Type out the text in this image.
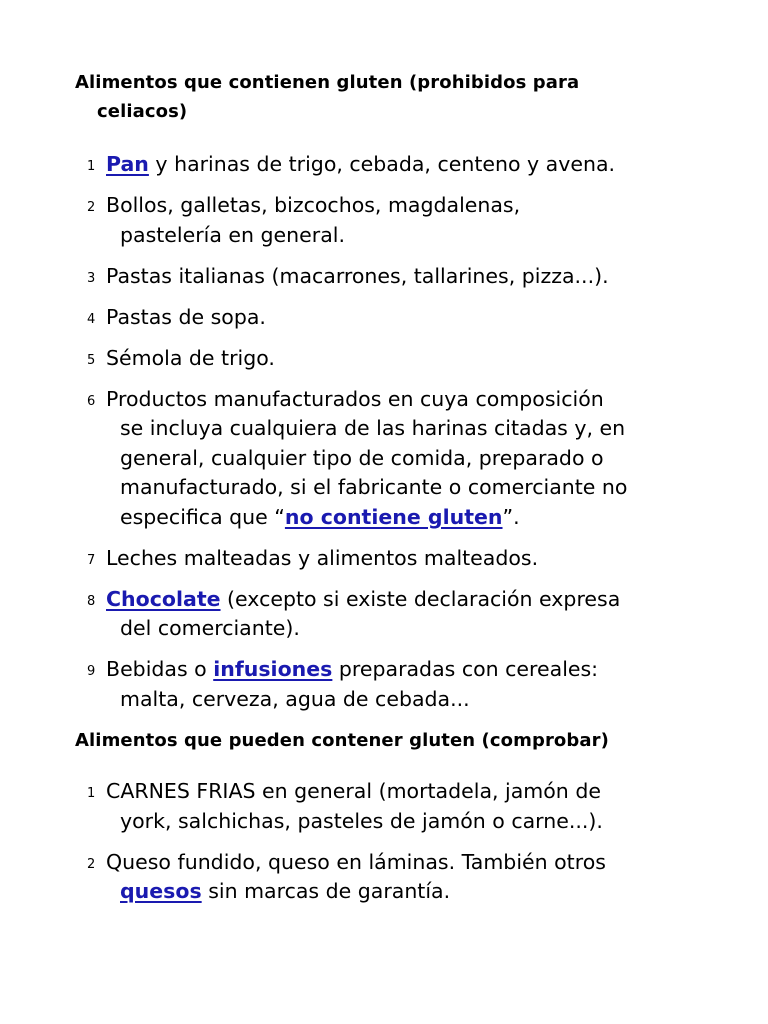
Alimentos que contienen gluten (prohibidos para
celiacos)
1 Pan y harinas de trigo, cebada, centeno y avena.
2 Bollos, galletas, bizcochos, magdalenas,
pastelería en general.
3 Pastas italianas (macarrones, tallarines, pizza...).
4 Pastas de sopa.
5 Sémola de trigo.
6 Productos manufacturados en cuya composición
se incluya cualquiera de las harinas citadas y, en
general, cualquier tipo de comida, preparado o
manufacturado, si el fabricante o comerciante no
especifica que “no contiene gluten”.
7 Leches malteadas y alimentos malteados.
8 Chocolate (excepto si existe declaración expresa
del comerciante).
9 Bebidas o infusiones preparadas con cereales:
malta, cerveza, agua de cebada...
Alimentos que pueden contener gluten (comprobar)
1 CARNES FRIAS en general (mortadela, jamón de
york, salchichas, pasteles de jamón o carne...).
2 Queso fundido, queso en láminas. También otros
quesos sin marcas de garantía.
